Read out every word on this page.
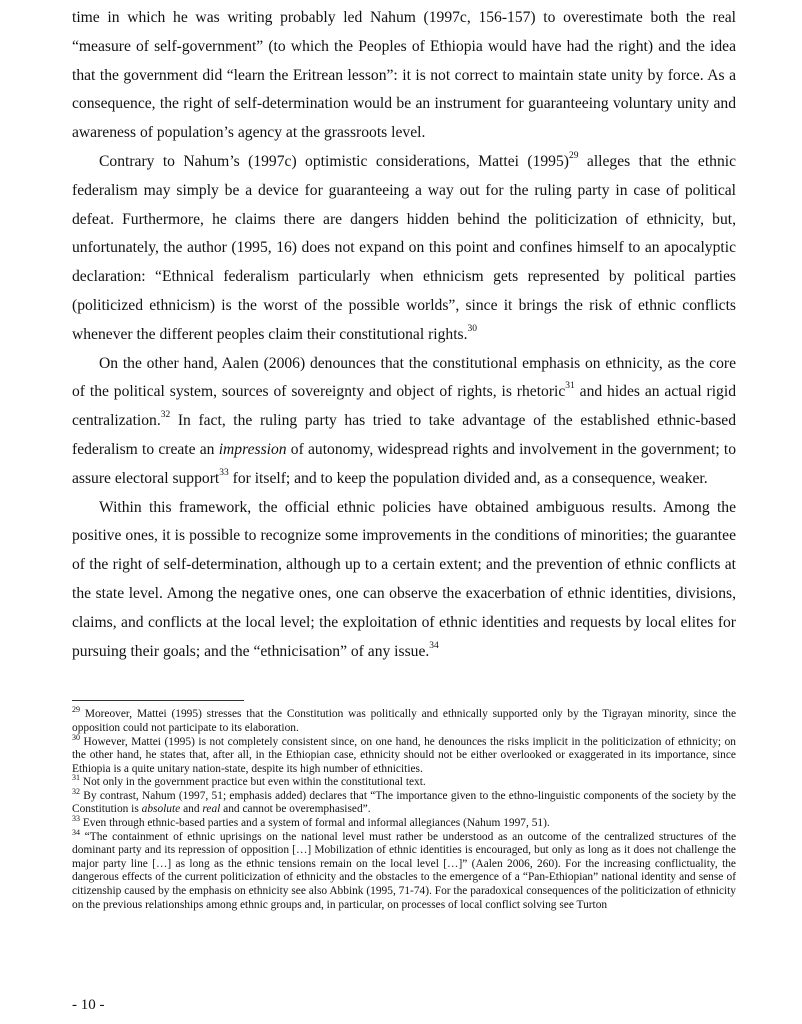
time in which he was writing probably led Nahum (1997c, 156-157) to overestimate both the real “measure of self-government” (to which the Peoples of Ethiopia would have had the right) and the idea that the government did “learn the Eritrean lesson”: it is not correct to maintain state unity by force. As a consequence, the right of self-determination would be an instrument for guaranteeing voluntary unity and awareness of population’s agency at the grassroots level.

Contrary to Nahum’s (1997c) optimistic considerations, Mattei (1995)$^{29}$ alleges that the ethnic federalism may simply be a device for guaranteeing a way out for the ruling party in case of political defeat. Furthermore, he claims there are dangers hidden behind the politicization of ethnicity, but, unfortunately, the author (1995, 16) does not expand on this point and confines himself to an apocalyptic declaration: “Ethnical federalism particularly when ethnicism gets represented by political parties (politicized ethnicism) is the worst of the possible worlds”, since it brings the risk of ethnic conflicts whenever the different peoples claim their constitutional rights.$^{30}$

On the other hand, Aalen (2006) denounces that the constitutional emphasis on ethnicity, as the core of the political system, sources of sovereignty and object of rights, is rhetoric$^{31}$ and hides an actual rigid centralization.$^{32}$ In fact, the ruling party has tried to take advantage of the established ethnic-based federalism to create an impression of autonomy, widespread rights and involvement in the government; to assure electoral support$^{33}$ for itself; and to keep the population divided and, as a consequence, weaker.

Within this framework, the official ethnic policies have obtained ambiguous results. Among the positive ones, it is possible to recognize some improvements in the conditions of minorities; the guarantee of the right of self-determination, although up to a certain extent; and the prevention of ethnic conflicts at the state level. Among the negative ones, one can observe the exacerbation of ethnic identities, divisions, claims, and conflicts at the local level; the exploitation of ethnic identities and requests by local elites for pursuing their goals; and the “ethnicisation” of any issue.$^{34}$

$^{29}$ Moreover, Mattei (1995) stresses that the Constitution was politically and ethnically supported only by the Tigrayan minority, since the opposition could not participate to its elaboration.

$^{30}$ However, Mattei (1995) is not completely consistent since, on one hand, he denounces the risks implicit in the politicization of ethnicity; on the other hand, he states that, after all, in the Ethiopian case, ethnicity should not be either overlooked or exaggerated in its importance, since Ethiopia is a quite unitary nation-state, despite its high number of ethnicities.

$^{31}$ Not only in the government practice but even within the constitutional text.

$^{32}$ By contrast, Nahum (1997, 51; emphasis added) declares that “The importance given to the ethno-linguistic components of the society by the Constitution is absolute and real and cannot be overemphasised”.

$^{33}$ Even through ethnic-based parties and a system of formal and informal allegiances (Nahum 1997, 51).

$^{34}$ “The containment of ethnic uprisings on the national level must rather be understood as an outcome of the centralized structures of the dominant party and its repression of opposition […] Mobilization of ethnic identities is encouraged, but only as long as it does not challenge the major party line […] as long as the ethnic tensions remain on the local level […]” (Aalen 2006, 260). For the increasing conflictuality, the dangerous effects of the current politicization of ethnicity and the obstacles to the emergence of a “Pan-Ethiopian” national identity and sense of citizenship caused by the emphasis on ethnicity see also Abbink (1995, 71-74). For the paradoxical consequences of the politicization of ethnicity on the previous relationships among ethnic groups and, in particular, on processes of local conflict solving see Turton

- 10 -
